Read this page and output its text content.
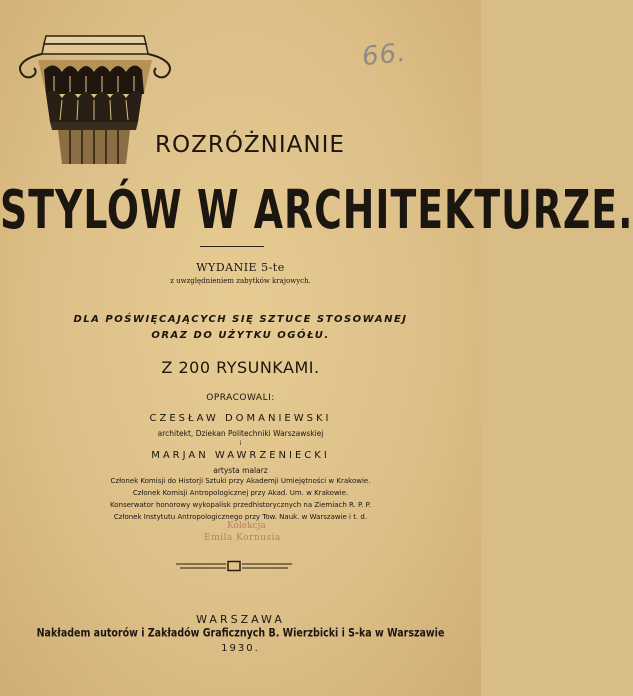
66.
ROZRÓŻNIANIE
STYLÓW W ARCHITEKTURZE.
WYDANIE 5-te
z uwzględnieniem zabytków krajowych.
DLA POŚWIĘCAJĄCYCH SIĘ SZTUCE STOSOWANEJ
ORAZ DO UŻYTKU OGÓŁU.
Z 200 RYSUNKAMI.
OPRACOWALI:
CZESŁAW DOMANIEWSKI
architekt, Dziekan Politechniki Warszawskiej
i
MARJAN WAWRZENIECKI
artysta malarz
Członek Komisji do Historji Sztuki przy Akademji Umiejętności w Krakowie.
Członek Komisji Antropologicznej przy Akad. Um. w Krakowie.
Konserwator honorowy wykopalisk przedhistorycznych na Ziemiach R. P. P.
Członek Instytutu Antropologicznego przy Tow. Nauk. w Warszawie i t. d.
Kolekcja
Emila Kornusia
WARSZAWA
Nakładem autorów i Zakładów Graficznych B. Wierzbicki i S-ka w Warszawie
1930.
